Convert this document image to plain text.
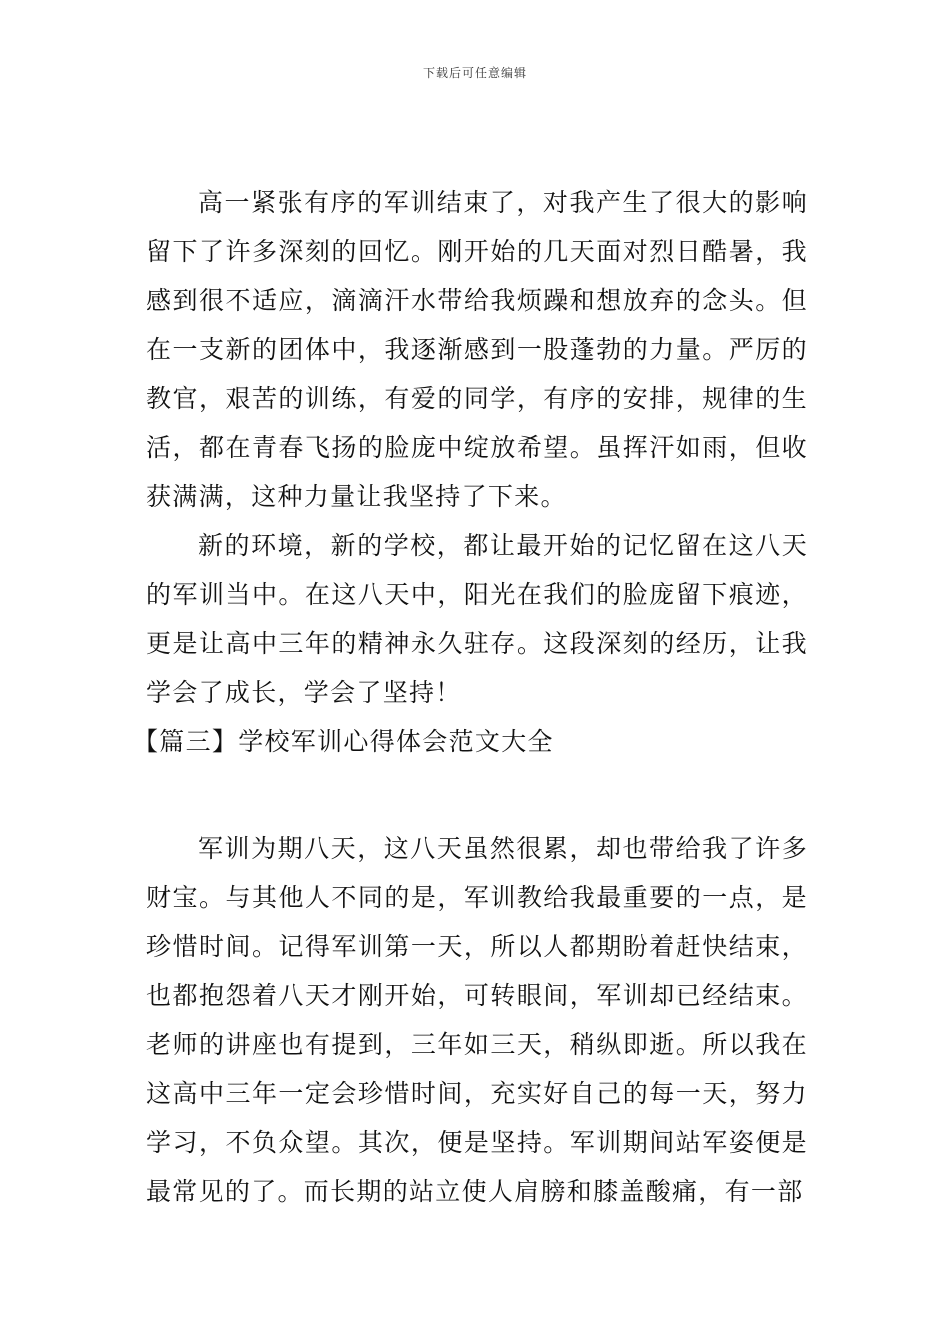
下载后可任意编辑

高一紧张有序的军训结束了，对我产生了很大的影响留下了许多深刻的回忆。刚开始的几天面对烈日酷暑，我感到很不适应，滴滴汗水带给我烦躁和想放弃的念头。但在一支新的团体中，我逐渐感到一股蓬勃的力量。严厉的教官，艰苦的训练，有爱的同学，有序的安排，规律的生活，都在青春飞扬的脸庞中绽放希望。虽挥汗如雨，但收获满满，这种力量让我坚持了下来。

新的环境，新的学校，都让最开始的记忆留在这八天的军训当中。在这八天中，阳光在我们的脸庞留下痕迹，更是让高中三年的精神永久驻存。这段深刻的经历，让我学会了成长，学会了坚持！

【篇三】学校军训心得体会范文大全

军训为期八天，这八天虽然很累，却也带给我了许多财宝。与其他人不同的是，军训教给我最重要的一点，是珍惜时间。记得军训第一天，所以人都期盼着赶快结束，也都抱怨着八天才刚开始，可转眼间，军训却已经结束。老师的讲座也有提到，三年如三天，稍纵即逝。所以我在这高中三年一定会珍惜时间，充实好自己的每一天，努力学习，不负众望。其次，便是坚持。军训期间站军姿便是最常见的了。而长期的站立使人肩膀和膝盖酸痛，有一部
